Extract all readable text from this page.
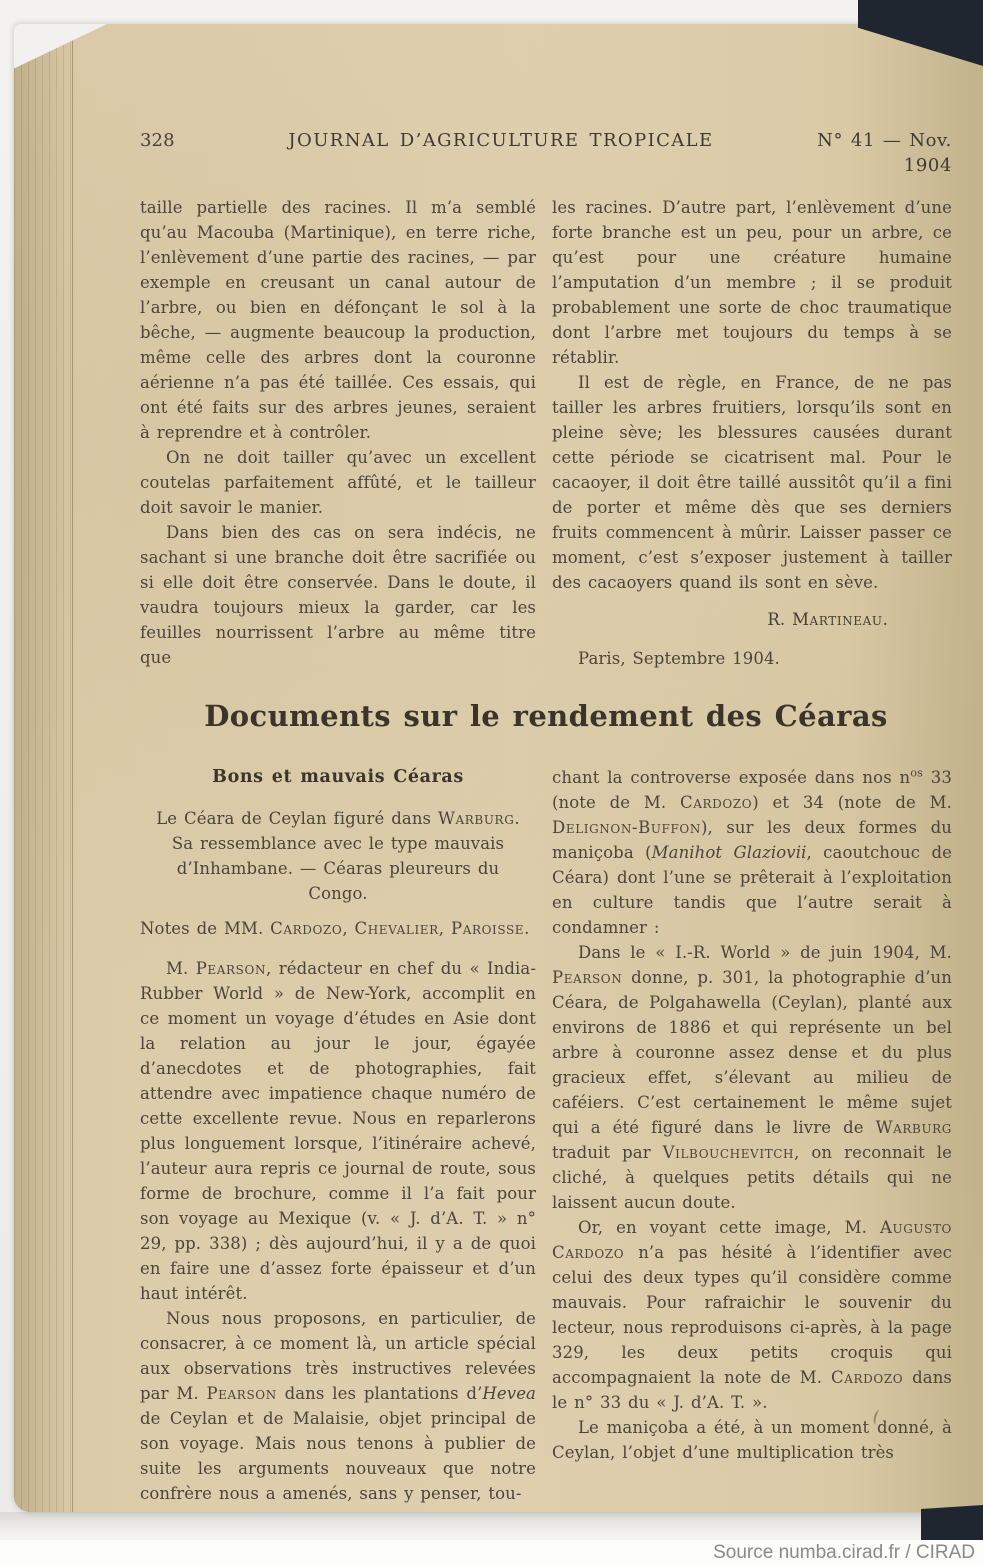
328	JOURNAL D’AGRICULTURE TROPICALE	N° 41 — Nov. 1904

taille partielle des racines. Il m’a semblé qu’au Macouba (Martinique), en terre riche, l’enlèvement d’une partie des racines, — par exemple en creusant un canal autour de l’arbre, ou bien en défonçant le sol à la bêche, — augmente beaucoup la production, même celle des arbres dont la couronne aérienne n’a pas été taillée. Ces essais, qui ont été faits sur des arbres jeunes, seraient à reprendre et à contrôler.

On ne doit tailler qu’avec un excellent coutelas parfaitement affûté, et le tailleur doit savoir le manier.

Dans bien des cas on sera indécis, ne sachant si une branche doit être sacrifiée ou si elle doit être conservée. Dans le doute, il vaudra toujours mieux la garder, car les feuilles nourrissent l’arbre au même titre que

les racines. D’autre part, l’enlèvement d’une forte branche est un peu, pour un arbre, ce qu’est pour une créature humaine l’amputation d’un membre ; il se produit probablement une sorte de choc traumatique dont l’arbre met toujours du temps à se rétablir.

Il est de règle, en France, de ne pas tailler les arbres fruitiers, lorsqu’ils sont en pleine sève; les blessures causées durant cette période se cicatrisent mal. Pour le cacaoyer, il doit être taillé aussitôt qu’il a fini de porter et même dès que ses derniers fruits commencent à mûrir. Laisser passer ce moment, c’est s’exposer justement à tailler des cacaoyers quand ils sont en sève.

R. Martineau.

Paris, Septembre 1904.

Documents sur le rendement des Céaras
Bons et mauvais Céaras

Le Céara de Ceylan figuré dans Warburg. Sa ressemblance avec le type mauvais d’Inhambane. — Céaras pleureurs du Congo.

Notes de MM. Cardozo, Chevalier, Paroisse.

M. Pearson, rédacteur en chef du « India-Rubber World » de New-York, accomplit en ce moment un voyage d’études en Asie dont la relation au jour le jour, égayée d’anecdotes et de photographies, fait attendre avec impatience chaque numéro de cette excellente revue. Nous en reparlerons plus longuement lorsque, l’itinéraire achevé, l’auteur aura repris ce journal de route, sous forme de brochure, comme il l’a fait pour son voyage au Mexique (v. « J. d’A. T. » n° 29, pp. 338) ; dès aujourd’hui, il y a de quoi en faire une d’assez forte épaisseur et d’un haut intérêt.

Nous nous proposons, en particulier, de consacrer, à ce moment là, un article spécial aux observations très instructives relevées par M. Pearson dans les plantations d’Hevea de Ceylan et de Malaisie, objet principal de son voyage. Mais nous tenons à publier de suite les arguments nouveaux que notre confrère nous a amenés, sans y penser, tou-

chant la controverse exposée dans nos $n^{os}$ 33 (note de M. Cardozo) et 34 (note de M. Delignon-Buffon), sur les deux formes du maniçoba (Manihot Glaziovii, caoutchouc de Céara) dont l’une se prêterait à l’exploitation en culture tandis que l’autre serait à condamner :

Dans le « I.-R. World » de juin 1904, M. Pearson donne, p. 301, la photographie d’un Céara, de Polgahawella (Ceylan), planté aux environs de 1886 et qui représente un bel arbre à couronne assez dense et du plus gracieux effet, s’élevant au milieu de caféiers. C’est certainement le même sujet qui a été figuré dans le livre de Warburg traduit par Vilbouchevitch, on reconnait le cliché, à quelques petits détails qui ne laissent aucun doute.

Or, en voyant cette image, M. Augusto Cardozo n’a pas hésité à l’identifier avec celui des deux types qu’il considère comme mauvais. Pour rafraichir le souvenir du lecteur, nous reproduisons ci-après, à la page 329, les deux petits croquis qui accompagnaient la note de M. Cardozo dans le n° 33 du « J. d’A. T. ».

Le maniçoba a été, à un moment donné, à Ceylan, l’objet d’une multiplication très

Source numba.cirad.fr / CIRAD
